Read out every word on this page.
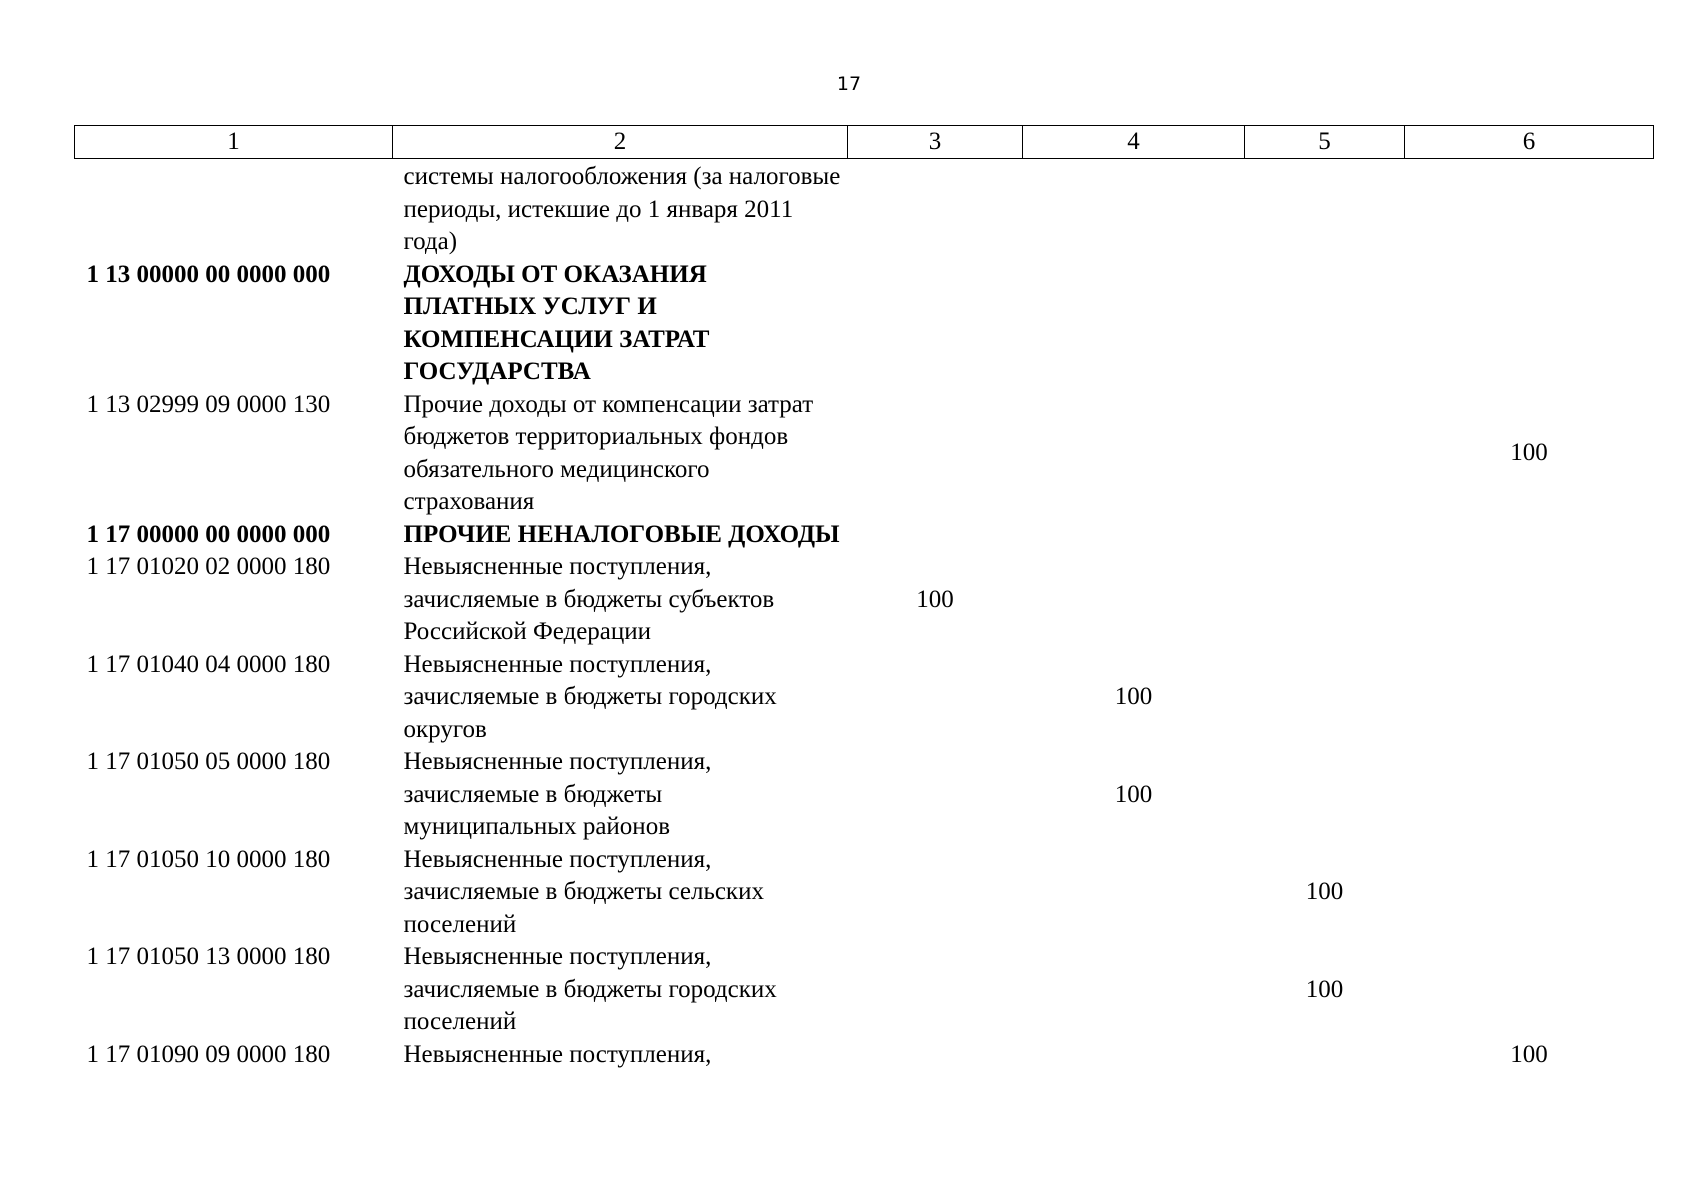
17
1	2	3	4	5	6
	системы налогообложения (за налоговые периоды, истекшие до 1 января 2011 года)				
1 13 00000 00 0000 000	ДОХОДЫ ОТ ОКАЗАНИЯ ПЛАТНЫХ УСЛУГ И КОМПЕНСАЦИИ ЗАТРАТ ГОСУДАРСТВА				
1 13 02999 09 0000 130	Прочие доходы от компенсации затрат бюджетов территориальных фондов обязательного медицинского страхования				100
1 17 00000 00 0000 000	ПРОЧИЕ НЕНАЛОГОВЫЕ ДОХОДЫ				
1 17 01020 02 0000 180	Невыясненные поступления, зачисляемые в бюджеты субъектов Российской Федерации	100			
1 17 01040 04 0000 180	Невыясненные поступления, зачисляемые в бюджеты городских округов		100		
1 17 01050 05 0000 180	Невыясненные поступления, зачисляемые в бюджеты муниципальных районов		100		
1 17 01050 10 0000 180	Невыясненные поступления, зачисляемые в бюджеты сельских поселений			100	
1 17 01050 13 0000 180	Невыясненные поступления, зачисляемые в бюджеты городских поселений			100	
1 17 01090 09 0000 180	Невыясненные поступления,				100
